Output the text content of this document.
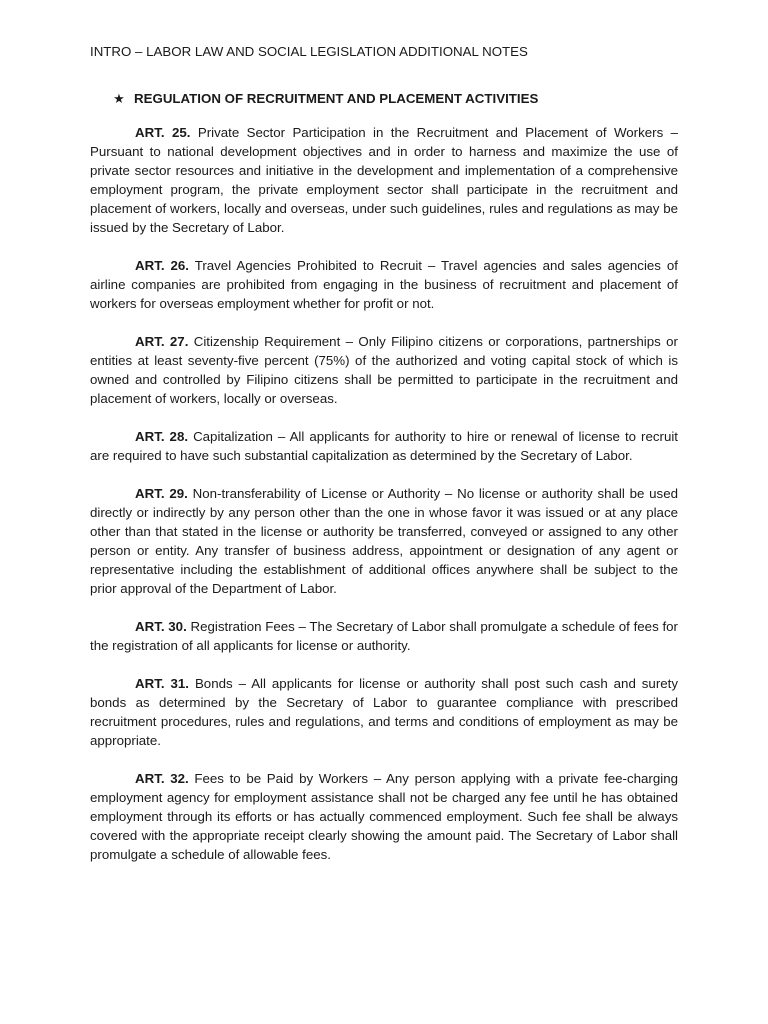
INTRO – LABOR LAW AND SOCIAL LEGISLATION ADDITIONAL NOTES

★ REGULATION OF RECRUITMENT AND PLACEMENT ACTIVITIES

ART. 25. Private Sector Participation in the Recruitment and Placement of Workers – Pursuant to national development objectives and in order to harness and maximize the use of private sector resources and initiative in the development and implementation of a comprehensive employment program, the private employment sector shall participate in the recruitment and placement of workers, locally and overseas, under such guidelines, rules and regulations as may be issued by the Secretary of Labor.

ART. 26. Travel Agencies Prohibited to Recruit – Travel agencies and sales agencies of airline companies are prohibited from engaging in the business of recruitment and placement of workers for overseas employment whether for profit or not.

ART. 27. Citizenship Requirement – Only Filipino citizens or corporations, partnerships or entities at least seventy-five percent (75%) of the authorized and voting capital stock of which is owned and controlled by Filipino citizens shall be permitted to participate in the recruitment and placement of workers, locally or overseas.

ART. 28. Capitalization – All applicants for authority to hire or renewal of license to recruit are required to have such substantial capitalization as determined by the Secretary of Labor.

ART. 29. Non-transferability of License or Authority – No license or authority shall be used directly or indirectly by any person other than the one in whose favor it was issued or at any place other than that stated in the license or authority be transferred, conveyed or assigned to any other person or entity. Any transfer of business address, appointment or designation of any agent or representative including the establishment of additional offices anywhere shall be subject to the prior approval of the Department of Labor.

ART. 30. Registration Fees – The Secretary of Labor shall promulgate a schedule of fees for the registration of all applicants for license or authority.

ART. 31. Bonds – All applicants for license or authority shall post such cash and surety bonds as determined by the Secretary of Labor to guarantee compliance with prescribed recruitment procedures, rules and regulations, and terms and conditions of employment as may be appropriate.

ART. 32. Fees to be Paid by Workers – Any person applying with a private fee-charging employment agency for employment assistance shall not be charged any fee until he has obtained employment through its efforts or has actually commenced employment. Such fee shall be always covered with the appropriate receipt clearly showing the amount paid. The Secretary of Labor shall promulgate a schedule of allowable fees.
